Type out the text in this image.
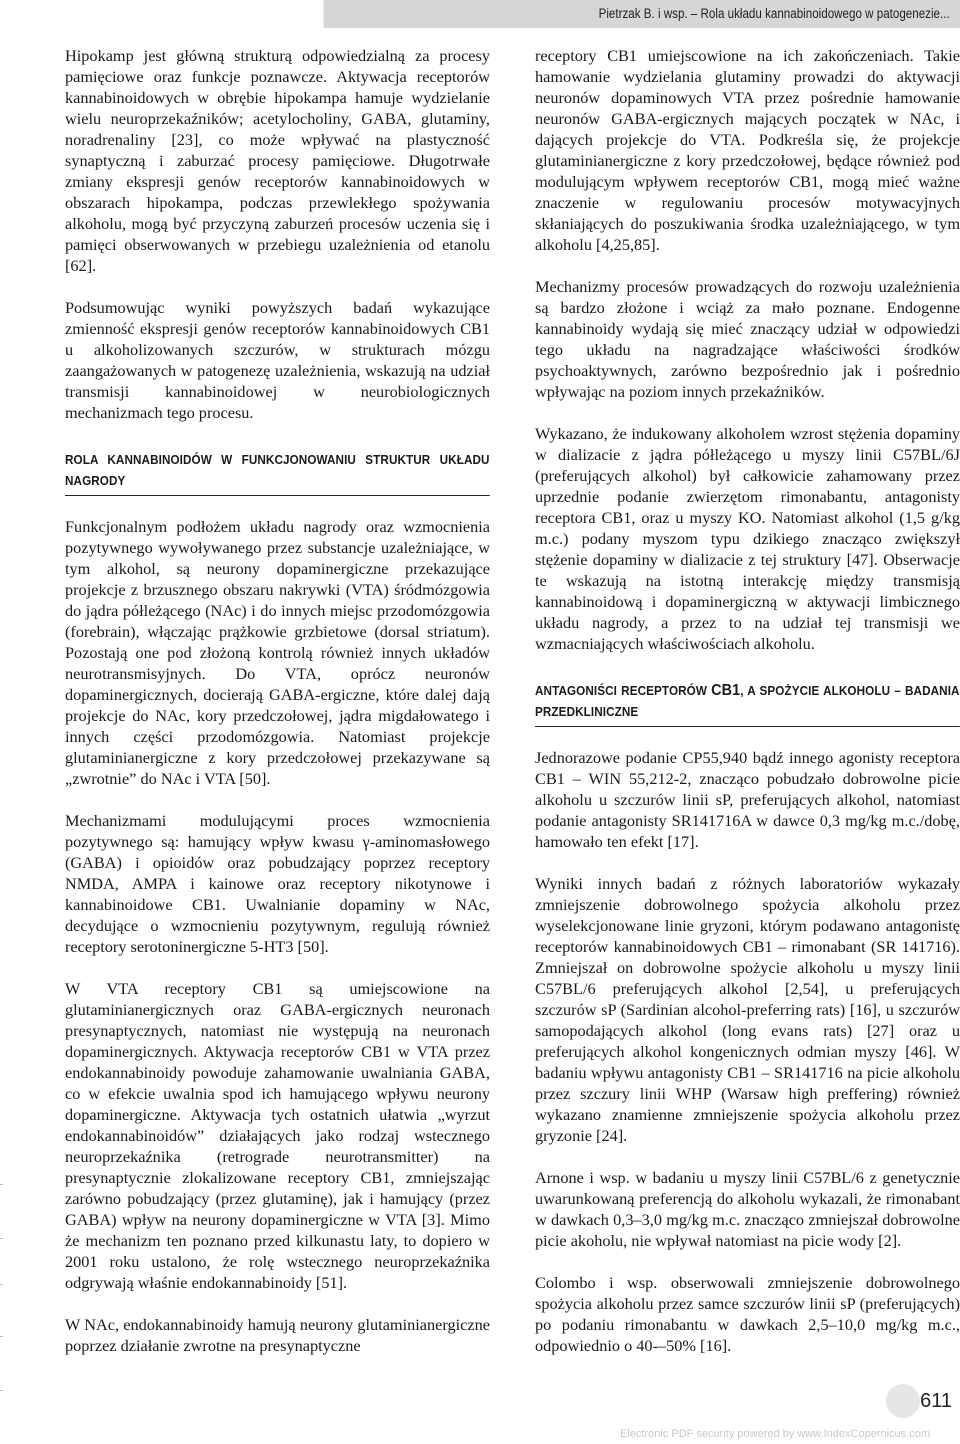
Pietrzak B. i wsp. – Rola układu kannabinoidowego w patogenezie...

Hipokamp jest główną strukturą odpowiedzialną za procesy pamięciowe oraz funkcje poznawcze. Aktywacja receptorów kannabinoidowych w obrębie hipokampa hamuje wydzielanie wielu neuroprzekaźników; acetylocholiny, GABA, glutaminy, noradrenaliny [23], co może wpływać na plastyczność synaptyczną i zaburzać procesy pamięciowe. Długotrwałe zmiany ekspresji genów receptorów kannabinoidowych w obszarach hipokampa, podczas przewlekłego spożywania alkoholu, mogą być przyczyną zaburzeń procesów uczenia się i pamięci obserwowanych w przebiegu uzależnienia od etanolu [62].

Podsumowując wyniki powyższych badań wykazujące zmienność ekspresji genów receptorów kannabinoidowych CB1 u alkoholizowanych szczurów, w strukturach mózgu zaangażowanych w patogenezę uzależnienia, wskazują na udział transmisji kannabinoidowej w neurobiologicznych mechanizmach tego procesu.

ROLA KANNABINOIDÓW W FUNKCJONOWANIU STRUKTUR UKŁADU NAGRODY

Funkcjonalnym podłożem układu nagrody oraz wzmocnienia pozytywnego wywoływanego przez substancje uzależniające, w tym alkohol, są neurony dopaminergiczne przekazujące projekcje z brzusznego obszaru nakrywki (VTA) śródmózgowia do jądra półleżącego (NAc) i do innych miejsc przodomózgowia (forebrain), włączając prążkowie grzbietowe (dorsal striatum). Pozostają one pod złożoną kontrolą również innych układów neurotransmisyjnych. Do VTA, oprócz neuronów dopaminergicznych, docierają GABA-ergiczne, które dalej dają projekcje do NAc, kory przedczołowej, jądra migdałowatego i innych części przodomózgowia. Natomiast projekcje glutaminianergiczne z kory przedczołowej przekazywane są „zwrotnie” do NAc i VTA [50].

Mechanizmami modulującymi proces wzmocnienia pozytywnego są: hamujący wpływ kwasu γ-aminomasłowego (GABA) i opioidów oraz pobudzający poprzez receptory NMDA, AMPA i kainowe oraz receptory nikotynowe i kannabinoidowe CB1. Uwalnianie dopaminy w NAc, decydujące o wzmocnieniu pozytywnym, regulują również receptory serotoninergiczne 5-HT3 [50].

W VTA receptory CB1 są umiejscowione na glutaminianergicznych oraz GABA-ergicznych neuronach presynaptycznych, natomiast nie występują na neuronach dopaminergicznych. Aktywacja receptorów CB1 w VTA przez endokannabinoidy powoduje zahamowanie uwalniania GABA, co w efekcie uwalnia spod ich hamującego wpływu neurony dopaminergiczne. Aktywacja tych ostatnich ułatwia „wyrzut endokannabinoidów” działających jako rodzaj wstecznego neuroprzekaźnika (retrograde neurotransmitter) na presynaptycznie zlokalizowane receptory CB1, zmniejszając zarówno pobudzający (przez glutaminę), jak i hamujący (przez GABA) wpływ na neurony dopaminergiczne w VTA [3]. Mimo że mechanizm ten poznano przed kilkunastu laty, to dopiero w 2001 roku ustalono, że rolę wstecznego neuroprzekaźnika odgrywają właśnie endokannabinoidy [51].

W NAc, endokannabinoidy hamują neurony glutaminianergiczne poprzez działanie zwrotne na presynaptyczne

receptory CB1 umiejscowione na ich zakończeniach. Takie hamowanie wydzielania glutaminy prowadzi do aktywacji neuronów dopaminowych VTA przez pośrednie hamowanie neuronów GABA-ergicznych mających początek w NAc, i dających projekcje do VTA. Podkreśla się, że projekcje glutaminianergiczne z kory przedczołowej, będące również pod modulującym wpływem receptorów CB1, mogą mieć ważne znaczenie w regulowaniu procesów motywacyjnych skłaniających do poszukiwania środka uzależniającego, w tym alkoholu [4,25,85].

Mechanizmy procesów prowadzących do rozwoju uzależnienia są bardzo złożone i wciąż za mało poznane. Endogenne kannabinoidy wydają się mieć znaczący udział w odpowiedzi tego układu na nagradzające właściwości środków psychoaktywnych, zarówno bezpośrednio jak i pośrednio wpływając na poziom innych przekaźników.

Wykazano, że indukowany alkoholem wzrost stężenia dopaminy w dializacie z jądra półleżącego u myszy linii C57BL/6J (preferujących alkohol) był całkowicie zahamowany przez uprzednie podanie zwierzętom rimonabantu, antagonisty receptora CB1, oraz u myszy KO. Natomiast alkohol (1,5 g/kg m.c.) podany myszom typu dzikiego znacząco zwiększył stężenie dopaminy w dializacie z tej struktury [47]. Obserwacje te wskazują na istotną interakcję między transmisją kannabinoidową i dopaminergiczną w aktywacji limbicznego układu nagrody, a przez to na udział tej transmisji we wzmacniających właściwościach alkoholu.

ANTAGONIŚCI RECEPTORÓW CB1, A SPOŻYCIE ALKOHOLU – BADANIA PRZEDKLINICZNE

Jednorazowe podanie CP55,940 bądź innego agonisty receptora CB1 – WIN 55,212-2, znacząco pobudzało dobrowolne picie alkoholu u szczurów linii sP, preferujących alkohol, natomiast podanie antagonisty SR141716A w dawce 0,3 mg/kg m.c./dobę, hamowało ten efekt [17].

Wyniki innych badań z różnych laboratoriów wykazały zmniejszenie dobrowolnego spożycia alkoholu przez wyselekcjonowane linie gryzoni, którym podawano antagonistę receptorów kannabinoidowych CB1 – rimonabant (SR 141716). Zmniejszał on dobrowolne spożycie alkoholu u myszy linii C57BL/6 preferujących alkohol [2,54], u preferujących szczurów sP (Sardinian alcohol-preferring rats) [16], u szczurów samopodających alkohol (long evans rats) [27] oraz u preferujących alkohol kongenicznych odmian myszy [46]. W badaniu wpływu antagonisty CB1 – SR141716 na picie alkoholu przez szczury linii WHP (Warsaw high preffering) również wykazano znamienne zmniejszenie spożycia alkoholu przez gryzonie [24].

Arnone i wsp. w badaniu u myszy linii C57BL/6 z genetycznie uwarunkowaną preferencją do alkoholu wykazali, że rimonabant w dawkach 0,3–3,0 mg/kg m.c. znacząco zmniejszał dobrowolne picie akoholu, nie wpływał natomiast na picie wody [2].

Colombo i wsp. obserwowali zmniejszenie dobrowolnego spożycia alkoholu przez samce szczurów linii sP (preferujących) po podaniu rimonabantu w dawkach 2,5–10,0 mg/kg m.c., odpowiednio o 40-–50% [16].

611
Electronic PDF security powered by www.IndexCopernicus.com
